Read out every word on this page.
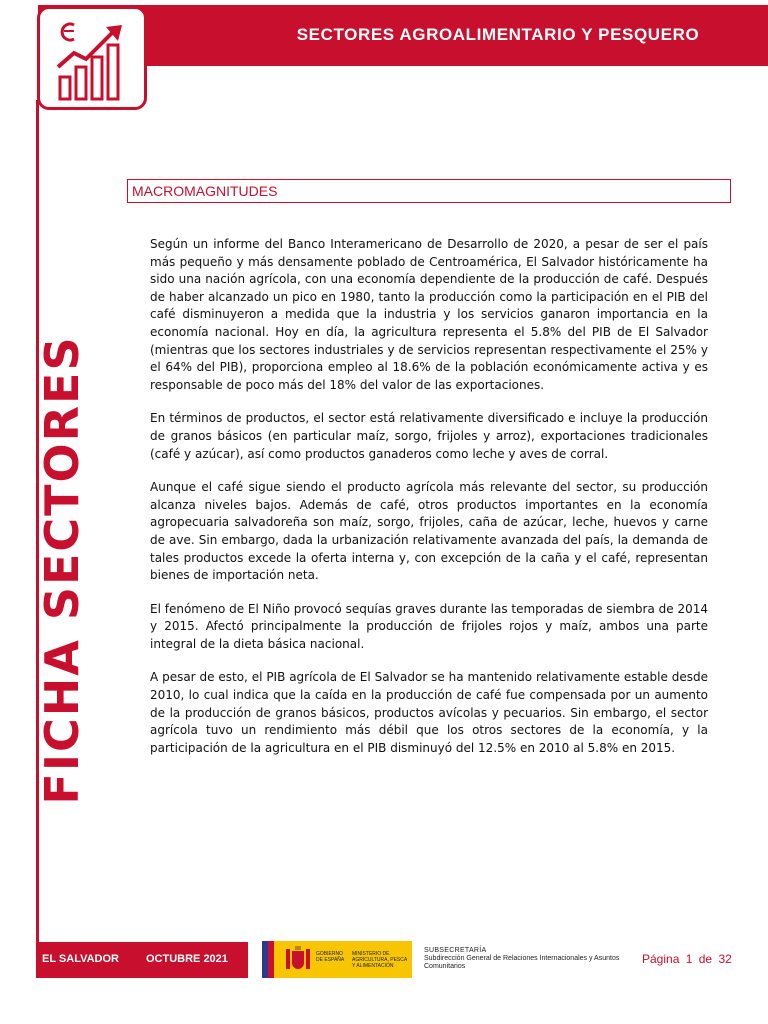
SECTORES AGROALIMENTARIO Y PESQUERO
FICHA SECTORES
MACROMAGNITUDES

Según un informe del Banco Interamericano de Desarrollo de 2020, a pesar de ser el país más pequeño y más densamente poblado de Centroamérica, El Salvador históricamente ha sido una nación agrícola, con una economía dependiente de la producción de café. Después de haber alcanzado un pico en 1980, tanto la producción como la participación en el PIB del café disminuyeron a medida que la industria y los servicios ganaron importancia en la economía nacional. Hoy en día, la agricultura representa el 5.8% del PIB de El Salvador (mientras que los sectores industriales y de servicios representan respectivamente el 25% y el 64% del PIB), proporciona empleo al 18.6% de la población económicamente activa y es responsable de poco más del 18% del valor de las exportaciones.

En términos de productos, el sector está relativamente diversificado e incluye la producción de granos básicos (en particular maíz, sorgo, frijoles y arroz), exportaciones tradicionales (café y azúcar), así como productos ganaderos como leche y aves de corral.

Aunque el café sigue siendo el producto agrícola más relevante del sector, su producción alcanza niveles bajos. Además de café, otros productos importantes en la economía agropecuaria salvadoreña son maíz, sorgo, frijoles, caña de azúcar, leche, huevos y carne de ave. Sin embargo, dada la urbanización relativamente avanzada del país, la demanda de tales productos excede la oferta interna y, con excepción de la caña y el café, representan bienes de importación neta.

El fenómeno de El Niño provocó sequías graves durante las temporadas de siembra de 2014 y 2015. Afectó principalmente la producción de frijoles rojos y maíz, ambos una parte integral de la dieta básica nacional.

A pesar de esto, el PIB agrícola de El Salvador se ha mantenido relativamente estable desde 2010, lo cual indica que la caída en la producción de café fue compensada por un aumento de la producción de granos básicos, productos avícolas y pecuarios. Sin embargo, el sector agrícola tuvo un rendimiento más débil que los otros sectores de la economía, y la participación de la agricultura en el PIB disminuyó del 12.5% en 2010 al 5.8% en 2015.

EL SALVADOR OCTUBRE 2021	GOBIERNO DE ESPAÑA
MINISTERIO DE AGRICULTURA, PESCA Y ALIMENTACIÓN
SUBSECRETARÍA
Subdirección General de Relaciones Internacionales y Asuntos Comunitarios
Página 1 de 32
